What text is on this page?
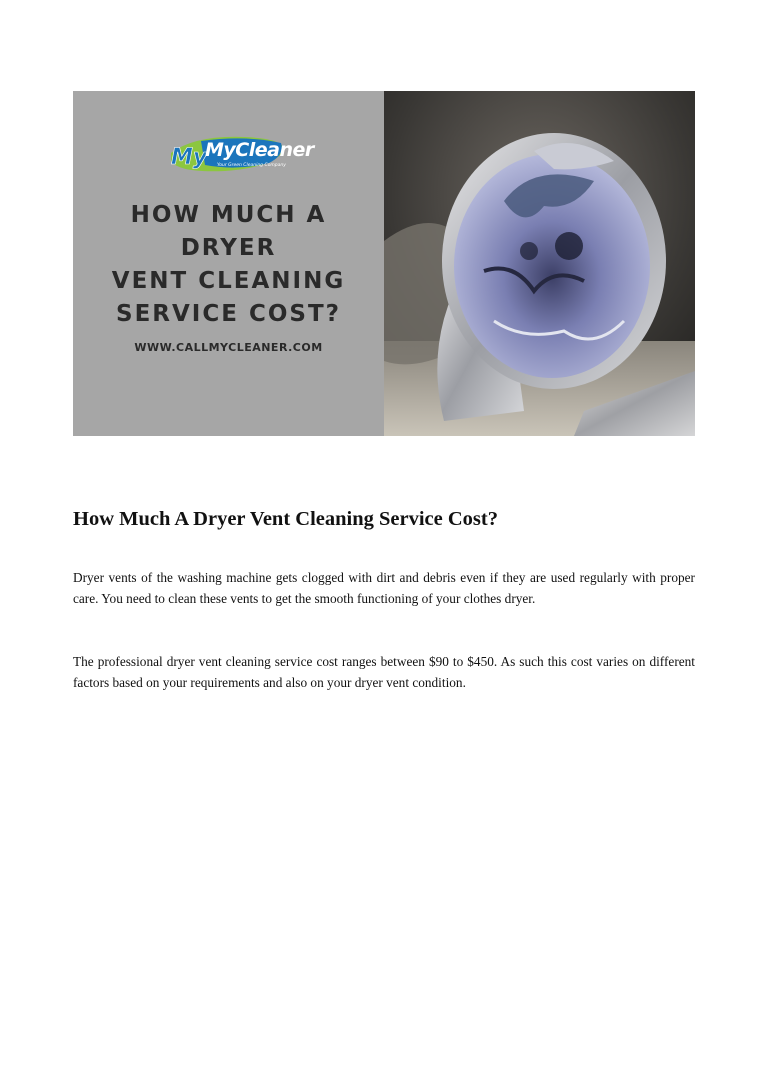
My
MyCleaner
Your Green Cleaning Company
HOW MUCH A
DRYER
VENT CLEANING
SERVICE COST?
WWW.CALLMYCLEANER.COM
How Much A Dryer Vent Cleaning Service Cost?

Dryer vents of the washing machine gets clogged with dirt and debris even if they are used regularly with proper care. You need to clean these vents to get the smooth functioning of your clothes dryer.

The professional dryer vent cleaning service cost ranges between $90 to $450. As such this cost varies on different factors based on your requirements and also on your dryer vent condition.
